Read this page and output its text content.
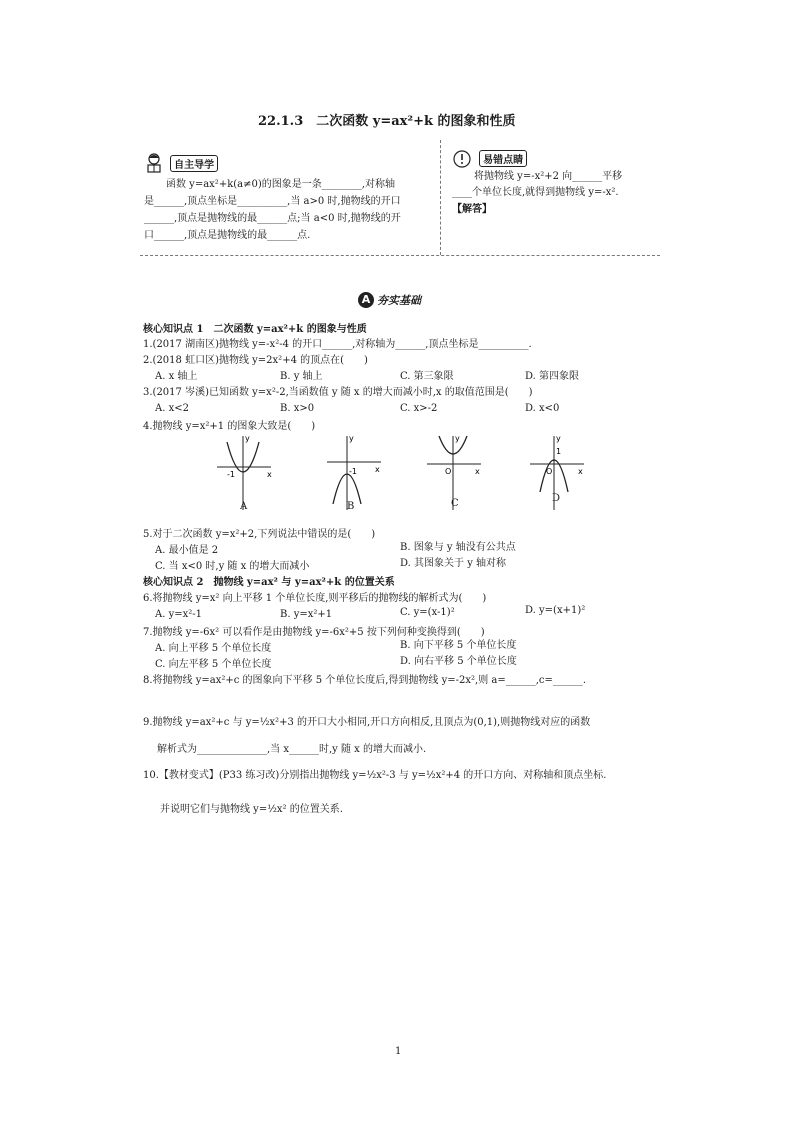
22.1.3　二次函数 y=ax²+k 的图象和性质
自主导学
函数 y=ax²+k(a≠0)的图象是一条________,对称轴
是______,顶点坐标是__________,当 a>0 时,抛物线的开口
______,顶点是抛物线的最______点;当 a<0 时,抛物线的开
口______,顶点是抛物线的最______点.
易错点睛
将抛物线 y=-x²+2 向______平移
____个单位长度,就得到抛物线 y=-x².
【解答】
A 夯实基础
核心知识点 1　二次函数 y=ax²+k 的图象与性质
1.(2017 湖南区)抛物线 y=-x²-4 的开口______,对称轴为______,顶点坐标是__________.
2.(2018 虹口区)抛物线 y=2x²+4 的顶点在(　　)
A. x 轴上	B. y 轴上	C. 第三象限	D. 第四象限
3.(2017 岑溪)已知函数 y=x²-2,当函数值 y 随 x 的增大而减小时,x 的取值范围是(　　)
A. x<2	B. x>0	C. x>-2	D. x<0
4.抛物线 y=x²+1 的图象大致是(　　)
y
x
-1
A
y
x
-1
B
y
x
O
C
y
x
O
1
D
5.对于二次函数 y=x²+2,下列说法中错误的是(　　)
A. 最小值是 2	B. 图象与 y 轴没有公共点
C. 当 x<0 时,y 随 x 的增大而减小	D. 其图象关于 y 轴对称
核心知识点 2　抛物线 y=ax² 与 y=ax²+k 的位置关系
6.将抛物线 y=x² 向上平移 1 个单位长度,则平移后的抛物线的解析式为(　　)
A. y=x²-1	B. y=x²+1	C. y=(x-1)²	D. y=(x+1)²
7.抛物线 y=-6x² 可以看作是由抛物线 y=-6x²+5 按下列何种变换得到(　　)
A. 向上平移 5 个单位长度	B. 向下平移 5 个单位长度
C. 向左平移 5 个单位长度	D. 向右平移 5 个单位长度
8.将抛物线 y=ax²+c 的图象向下平移 5 个单位长度后,得到抛物线 y=-2x²,则 a=______,c=______.
9.抛物线 y=ax²+c 与 y=½x²+3 的开口大小相同,开口方向相反,且顶点为(0,1),则抛物线对应的函数
解析式为______________,当 x______时,y 随 x 的增大而减小.
10.【教材变式】(P33 练习改)分别指出抛物线 y=½x²-3 与 y=½x²+4 的开口方向、对称轴和顶点坐标.
并说明它们与抛物线 y=½x² 的位置关系.
1
